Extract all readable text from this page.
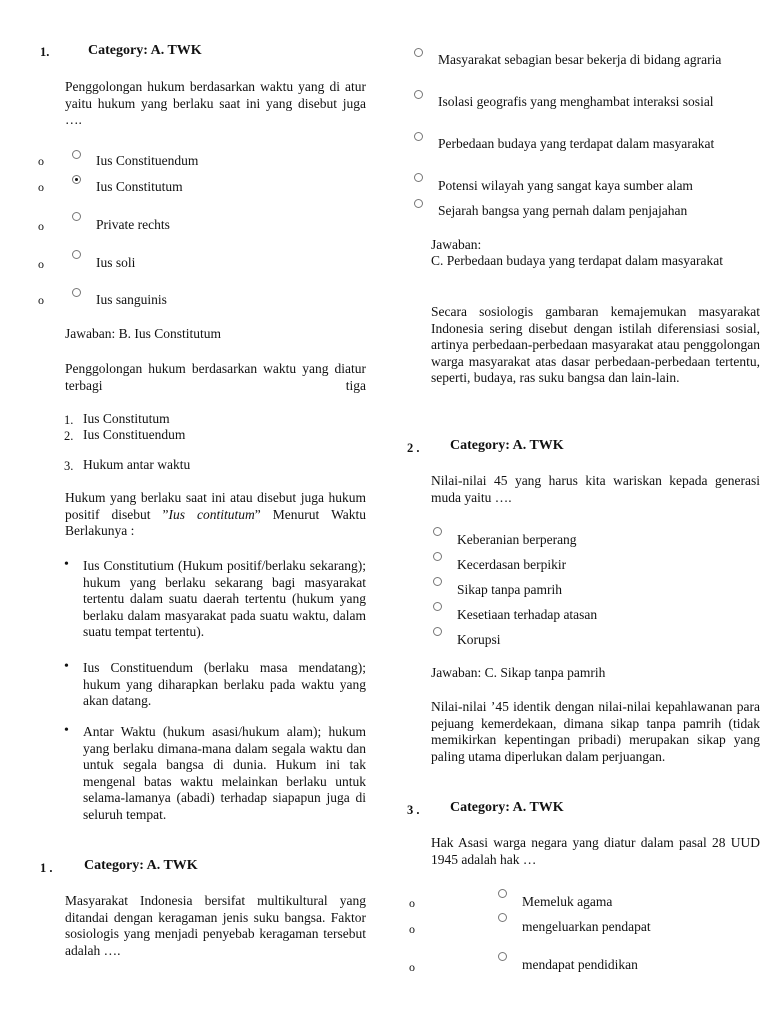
1.	Category: A. TWK
Penggolongan hukum berdasarkan waktu yang di atur yaitu hukum yang berlaku saat ini yang disebut juga ….
o	Ius Constituendum
o	Ius Constitutum
o	Private rechts
o	Ius soli
o	Ius sanguinis
Jawaban: B. Ius Constitutum
Penggolongan hukum berdasarkan waktu yang diatur terbagi tiga
1. Ius Constitutum
2. Ius Constituendum
3. Hukum antar waktu
Hukum yang berlaku saat ini atau disebut juga hukum positif disebut ”Ius contitutum” Menurut Waktu Berlakunya :
• Ius Constitutium (Hukum positif/berlaku sekarang); hukum yang berlaku sekarang bagi masyarakat tertentu dalam suatu daerah tertentu (hukum yang berlaku dalam masyarakat pada suatu waktu, dalam suatu tempat tertentu).
• Ius Constituendum (berlaku masa mendatang); hukum yang diharapkan berlaku pada waktu yang akan datang.
• Antar Waktu (hukum asasi/hukum alam); hukum yang berlaku dimana-mana dalam segala waktu dan untuk segala bangsa di dunia. Hukum ini tak mengenal batas waktu melainkan berlaku untuk selama-lamanya (abadi) terhadap siapapun juga di seluruh tempat.
1 . Category: A. TWK
Masyarakat Indonesia bersifat multikultural yang ditandai dengan keragaman jenis suku bangsa. Faktor sosiologis yang menjadi penyebab keragaman tersebut adalah ….
Masyarakat sebagian besar bekerja di bidang agraria
Isolasi geografis yang menghambat interaksi sosial
Perbedaan budaya yang terdapat dalam masyarakat
Potensi wilayah yang sangat kaya sumber alam
Sejarah bangsa yang pernah dalam penjajahan
Jawaban:
C. Perbedaan budaya yang terdapat dalam masyarakat
Secara sosiologis gambaran kemajemukan masyarakat Indonesia sering disebut dengan istilah diferensiasi sosial, artinya perbedaan-perbedaan masyarakat atau penggolongan warga masyarakat atas dasar perbedaan-perbedaan tertentu, seperti, budaya, ras suku bangsa dan lain-lain.
2 . Category: A. TWK
Nilai-nilai 45 yang harus kita wariskan kepada generasi muda yaitu ….
Keberanian berperang
Kecerdasan berpikir
Sikap tanpa pamrih
Kesetiaan terhadap atasan
Korupsi
Jawaban: C. Sikap tanpa pamrih
Nilai-nilai ’45 identik dengan nilai-nilai kepahlawanan para pejuang kemerdekaan, dimana sikap tanpa pamrih (tidak memikirkan kepentingan pribadi) merupakan sikap yang paling utama diperlukan dalam perjuangan.
3 . Category: A. TWK
Hak Asasi warga negara yang diatur dalam pasal 28 UUD 1945 adalah hak …
o	Memeluk agama
o	mengeluarkan pendapat
o	mendapat pendidikan
